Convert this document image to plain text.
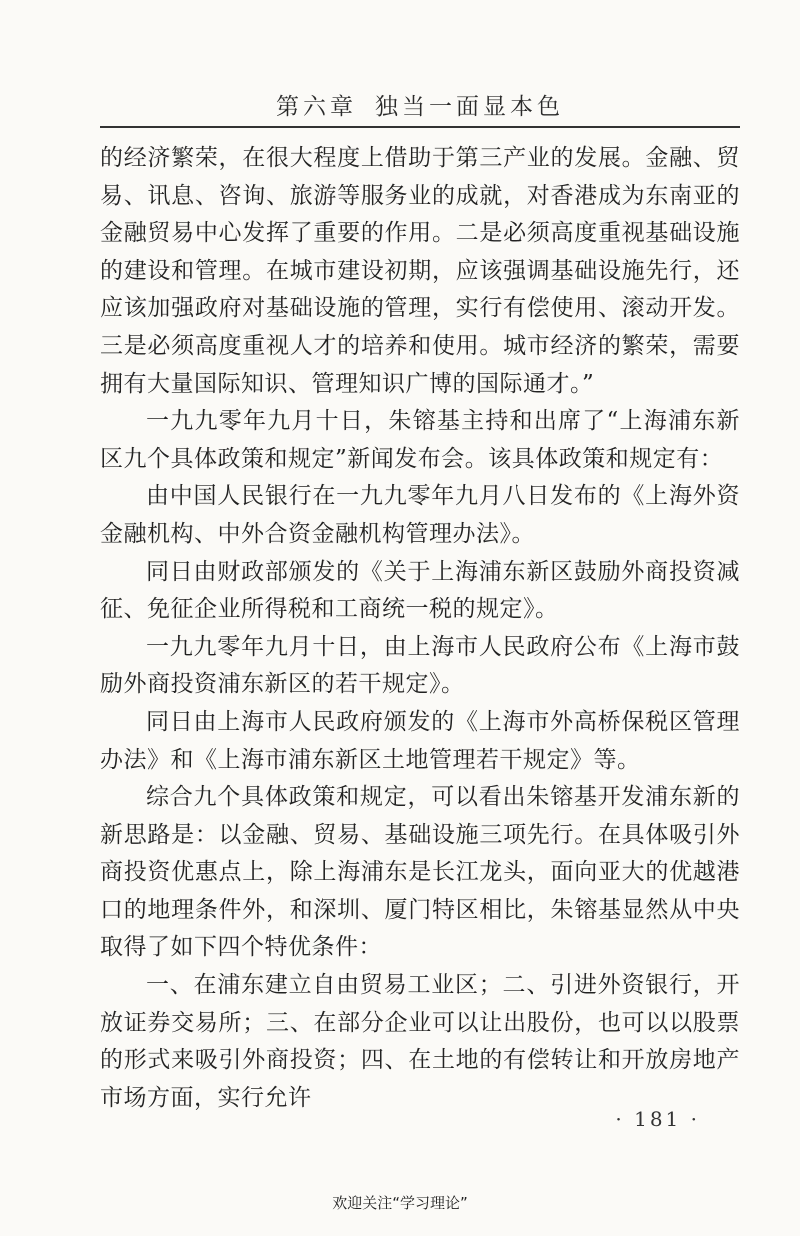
第六章 独当一面显本色

的经济繁荣，在很大程度上借助于第三产业的发展。金融、贸易、讯息、咨询、旅游等服务业的成就，对香港成为东南亚的金融贸易中心发挥了重要的作用。二是必须高度重视基础设施的建设和管理。在城市建设初期，应该强调基础设施先行，还应该加强政府对基础设施的管理，实行有偿使用、滚动开发。三是必须高度重视人才的培养和使用。城市经济的繁荣，需要拥有大量国际知识、管理知识广博的国际通才。”

一九九零年九月十日，朱镕基主持和出席了“上海浦东新区九个具体政策和规定”新闻发布会。该具体政策和规定有：

由中国人民银行在一九九零年九月八日发布的《上海外资金融机构、中外合资金融机构管理办法》。

同日由财政部颁发的《关于上海浦东新区鼓励外商投资减征、免征企业所得税和工商统一税的规定》。

一九九零年九月十日，由上海市人民政府公布《上海市鼓励外商投资浦东新区的若干规定》。

同日由上海市人民政府颁发的《上海市外高桥保税区管理办法》和《上海市浦东新区土地管理若干规定》等。

综合九个具体政策和规定，可以看出朱镕基开发浦东新的新思路是：以金融、贸易、基础设施三项先行。在具体吸引外商投资优惠点上，除上海浦东是长江龙头，面向亚大的优越港口的地理条件外，和深圳、厦门特区相比，朱镕基显然从中央取得了如下四个特优条件：

一、在浦东建立自由贸易工业区；二、引进外资银行，开放证券交易所；三、在部分企业可以让出股份，也可以以股票的形式来吸引外商投资；四、在土地的有偿转让和开放房地产市场方面，实行允许

· 181 ·
欢迎关注“学习理论”
